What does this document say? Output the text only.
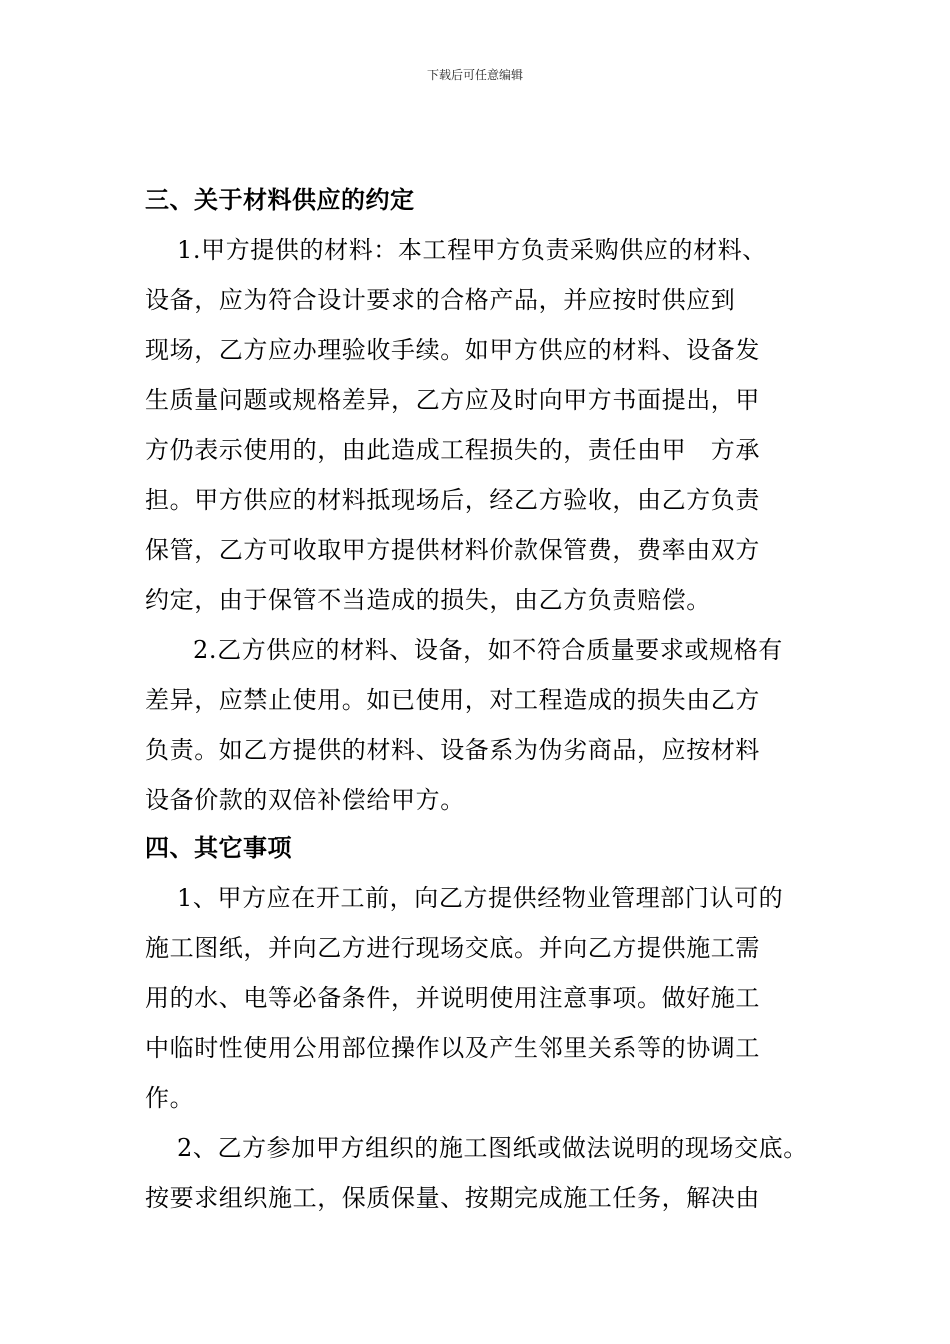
下载后可任意编辑
三、关于材料供应的约定
1.甲方提供的材料：本工程甲方负责采购供应的材料、
设备，应为符合设计要求的合格产品，并应按时供应到
现场，乙方应办理验收手续。如甲方供应的材料、设备发
生质量问题或规格差异，乙方应及时向甲方书面提出，甲
方仍表示使用的，由此造成工程损失的，责任由甲　方承
担。甲方供应的材料抵现场后，经乙方验收，由乙方负责
保管，乙方可收取甲方提供材料价款保管费，费率由双方
约定，由于保管不当造成的损失，由乙方负责赔偿。
2.乙方供应的材料、设备，如不符合质量要求或规格有
差异，应禁止使用。如已使用，对工程造成的损失由乙方
负责。如乙方提供的材料、设备系为伪劣商品，应按材料
设备价款的双倍补偿给甲方。
四、其它事项
1、甲方应在开工前，向乙方提供经物业管理部门认可的
施工图纸，并向乙方进行现场交底。并向乙方提供施工需
用的水、电等必备条件，并说明使用注意事项。做好施工
中临时性使用公用部位操作以及产生邻里关系等的协调工
作。
2、乙方参加甲方组织的施工图纸或做法说明的现场交底。
按要求组织施工，保质保量、按期完成施工任务，解决由
